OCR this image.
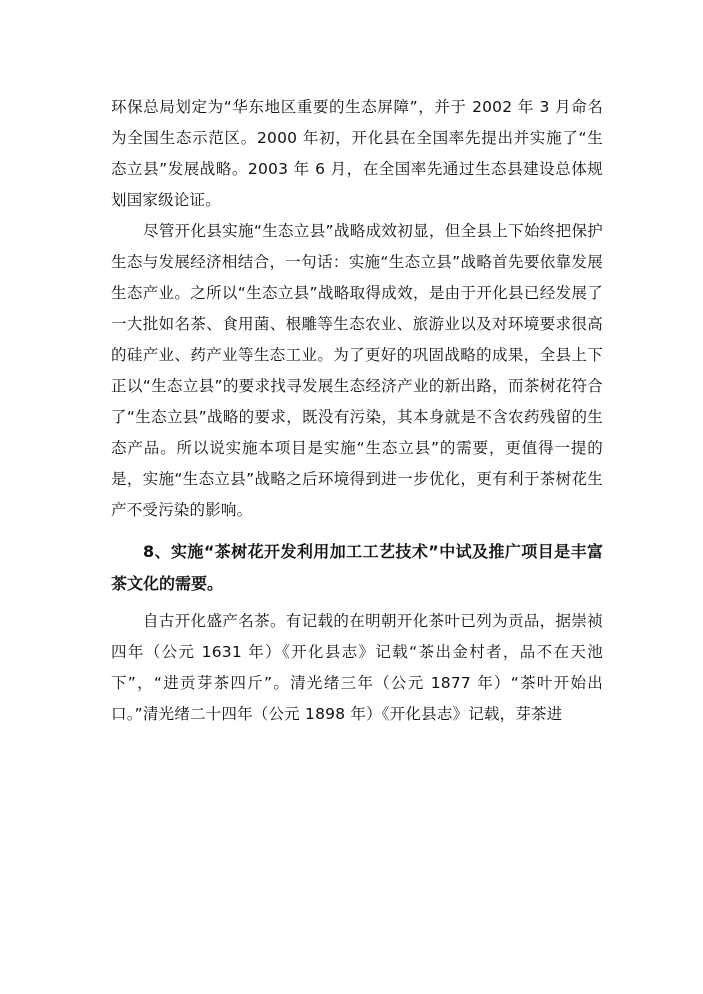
环保总局划定为“华东地区重要的生态屏障”，并于 2002 年 3 月命名为全国生态示范区。2000 年初，开化县在全国率先提出并实施了“生态立县”发展战略。2003 年 6 月，在全国率先通过生态县建设总体规划国家级论证。

尽管开化县实施“生态立县”战略成效初显，但全县上下始终把保护生态与发展经济相结合，一句话：实施“生态立县”战略首先要依靠发展生态产业。之所以“生态立县”战略取得成效，是由于开化县已经发展了一大批如名茶、食用菌、根雕等生态农业、旅游业以及对环境要求很高的硅产业、药产业等生态工业。为了更好的巩固战略的成果，全县上下正以“生态立县”的要求找寻发展生态经济产业的新出路，而茶树花符合了“生态立县”战略的要求，既没有污染，其本身就是不含农药残留的生态产品。所以说实施本项目是实施“生态立县”的需要，更值得一提的是，实施“生态立县”战略之后环境得到进一步优化，更有利于茶树花生产不受污染的影响。

8、实施“茶树花开发利用加工工艺技术”中试及推广项目是丰富茶文化的需要。

自古开化盛产名茶。有记载的在明朝开化茶叶已列为贡品，据崇祯四年（公元 1631 年）《开化县志》记载“茶出金村者，品不在天池下”，“进贡芽茶四斤”。清光绪三年（公元 1877 年）“茶叶开始出口。”清光绪二十四年（公元 1898 年）《开化县志》记载，芽茶进
